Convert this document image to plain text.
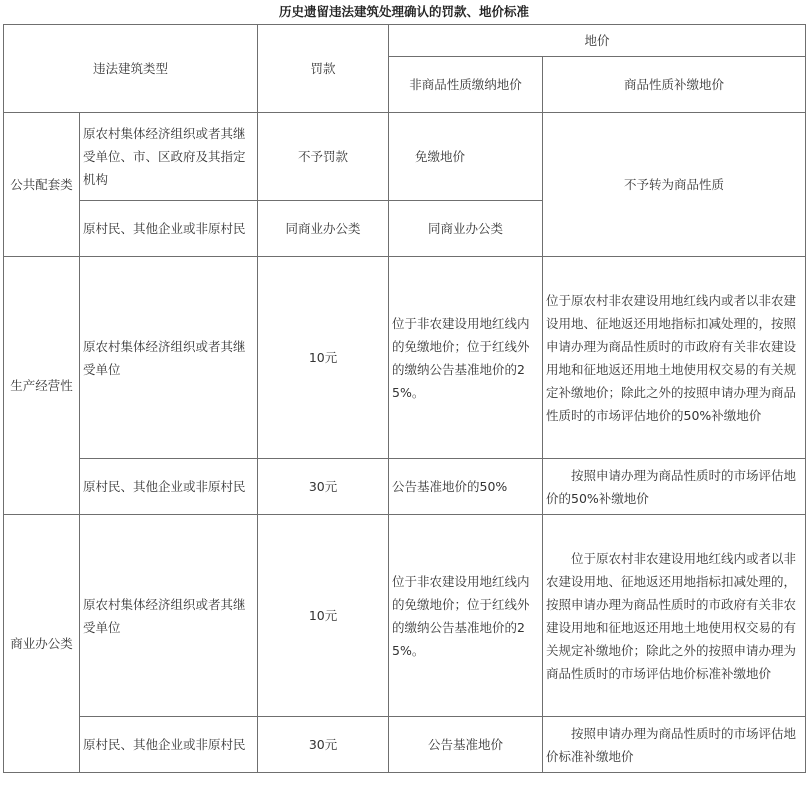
历史遗留违法建筑处理确认的罚款、地价标准
违法建筑类型		罚款	地价	
			非商品性质缴纳地价	商品性质补缴地价
公共配套类	原农村集体经济组织或者其继受单位、市、区政府及其指定机构	不予罚款	免缴地价	不予转为商品性质
	原村民、其他企业或非原村民	同商业办公类	同商业办公类	
生产经营性	原农村集体经济组织或者其继受单位	10元	位于非农建设用地红线内的免缴地价；位于红线外的缴纳公告基准地价的25%。	位于原农村非农建设用地红线内或者以非农建设用地、征地返还用地指标扣减处理的，按照申请办理为商品性质时的市政府有关非农建设用地和征地返还用地土地使用权交易的有关规定补缴地价；除此之外的按照申请办理为商品性质时的市场评估地价的50%补缴地价
	原村民、其他企业或非原村民	30元	公告基准地价的50%	按照申请办理为商品性质时的市场评估地价的50%补缴地价
商业办公类	原农村集体经济组织或者其继受单位	10元	位于非农建设用地红线内的免缴地价；位于红线外的缴纳公告基准地价的25%。	位于原农村非农建设用地红线内或者以非农建设用地、征地返还用地指标扣减处理的，按照申请办理为商品性质时的市政府有关非农建设用地和征地返还用地土地使用权交易的有关规定补缴地价；除此之外的按照申请办理为商品性质时的市场评估地价标准补缴地价
	原村民、其他企业或非原村民	30元	公告基准地价	按照申请办理为商品性质时的市场评估地价标准补缴地价
